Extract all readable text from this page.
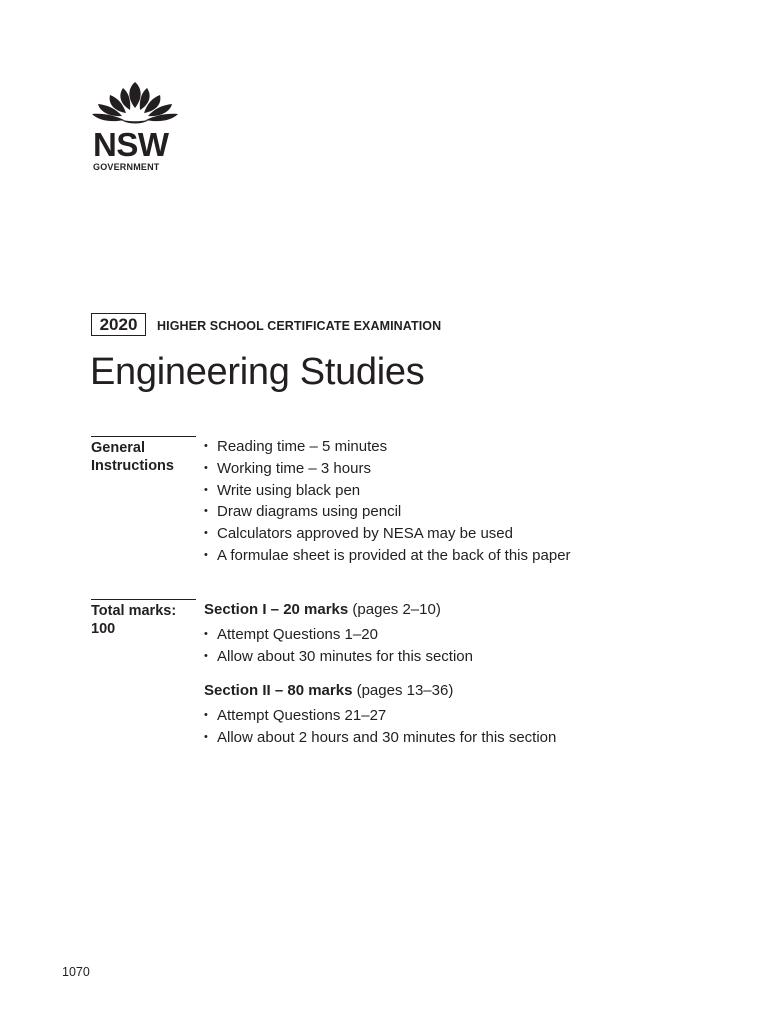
NSW
GOVERNMENT
2020	HIGHER SCHOOL CERTIFICATE EXAMINATION
Engineering Studies
General
Instructions
• Reading time – 5 minutes
• Working time – 3 hours
• Write using black pen
• Draw diagrams using pencil
• Calculators approved by NESA may be used
• A formulae sheet is provided at the back of this paper
Total marks:
100
Section I – 20 marks (pages 2–10)
• Attempt Questions 1–20
• Allow about 30 minutes for this section
Section II – 80 marks (pages 13–36)
• Attempt Questions 21–27
• Allow about 2 hours and 30 minutes for this section
1070
